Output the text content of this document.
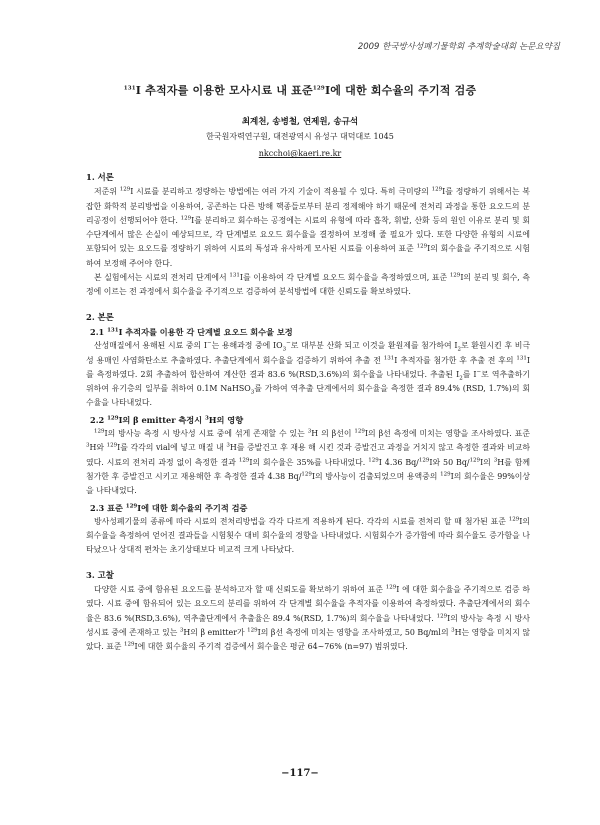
2009 한국방사성폐기물학회 추계학술대회 논문요약집
$^{131}$I 추적자를 이용한 모사시료 내 표준$^{129}$I에 대한 회수율의 주기적 검증
최계천, 송병철, 연제원, 송규석
한국원자력연구원, 대전광역시 유성구 대덕대로 1045
nkcchoi@kaeri.re.kr
1. 서론

저준위 $^{129}$I 시료를 분리하고 정량하는 방법에는 여러 가지 기술이 적용될 수 있다. 특히 극미량의 $^{129}$I를 정량하기 위해서는 복잡한 화학적 분리방법을 이용하여, 공존하는 다른 방해 핵종들로부터 분리 정제해야 하기 때문에 전처리 과정을 통한 요오드의 분리공정이 선행되어야 한다. $^{129}$I를 분리하고 회수하는 공정에는 시료의 유형에 따라 흡착, 휘발, 산화 등의 원인 이유로 분리 및 회수단계에서 많은 손실이 예상되므로, 각 단계별로 요오드 회수율을 결정하여 보정해 줄 필요가 있다. 또한 다양한 유형의 시료에 포함되어 있는 요오드를 정량하기 위하여 시료의 특성과 유사하게 모사된 시료를 이용하여 표준 $^{129}$I의 회수율을 주기적으로 시험하여 보정해 주어야 한다.

본 실험에서는 시료의 전처리 단계에서 $^{131}$I를 이용하여 각 단계별 요오드 회수율을 측정하였으며, 표준 $^{129}$I의 분리 및 회수, 측정에 이르는 전 과정에서 회수율을 주기적으로 검증하여 분석방법에 대한 신뢰도를 확보하였다.

2. 본론
2.1 $^{131}$I 추적자를 이용한 각 단계별 요오드 회수율 보정

산성매질에서 용해된 시료 중의 I−는 용해과정 중에 $IO_3^-$로 대부분 산화 되고 이것을 환원제를 첨가하여 $I_2$로 환원시킨 후 비극성 용매인 사염화탄소로 추출하였다. 추출단계에서 회수율을 검증하기 위하여 추출 전 $^{131}$I 추적자를 첨가한 후 추출 전 후의 $^{131}$I를 측정하였다. 2회 추출하여 합산하여 계산한 결과 83.6 %(RSD,3.6%)의 회수율을 나타내었다. 추출된 $I_2$를 I−로 역추출하기 위하여 유기층의 일부를 취하여 0.1M NaHSO$_3$를 가하여 역추출 단계에서의 회수율을 측정한 결과 89.4% (RSD, 1.7%)의 회수율을 나타내었다.

2.2 $^{129}$I의 β emitter 측정시 $^3$H의 영향

$^{129}$I의 방사능 측정 시 방사성 시료 중에 섞게 존재할 수 있는 $^3$H 의 β선이 $^{129}$I의 β선 측정에 미치는 영향을 조사하였다. 표준 $^3$H와 $^{129}$I를 각각의 vial에 넣고 매질 내 $^3$H를 증발건고 후 재용 해 시킨 것과 증발건고 과정을 거치지 않고 측정한 결과와 비교하였다. 시료의 전처리 과정 없이 측정한 결과 $^{129}$I의 회수율은 35%를 나타내었다. $^{129}$I 4.36 Bq/$^{129}$I와 50 Bq/$^{129}$I의 $^3$H를 함께 첨가한 후 증발건고 시키고 재용해한 후 측정한 결과 4.38 Bq/$^{129}$I의 방사능이 검출되었으며 용액중의 $^{129}$I의 회수율은 99%이상을 나타내었다.

2.3 표준 $^{129}$I에 대한 회수율의 주기적 검증

방사성폐기물의 종류에 따라 시료의 전처리방법을 각각 다르게 적용하게 된다. 각각의 시료를 전처리 할 때 첨가된 표준 $^{129}$I의 회수율을 측정하여 얻어진 결과들을 시험횟수 대비 회수율의 경향을 나타내었다. 시험회수가 증가함에 따라 회수율도 증가함을 나타났으나 상대적 편차는 초기상태보다 비교적 크게 나타났다.

3. 고찰

다양한 시료 중에 함유된 요오드를 분석하고자 할 때 신뢰도를 확보하기 위하여 표준 $^{129}$I 에 대한 회수율을 주기적으로 검증 하였다. 시료 중에 함유되어 있는 요오드의 분리를 위하여 각 단계별 회수율을 추적자를 이용하여 측정하였다. 추출단계에서의 회수율은 83.6 %(RSD,3.6%), 역추출단계에서 추출율은 89.4 %(RSD, 1.7%)의 회수율을 나타내었다. $^{129}$I의 방사능 측정 시 방사성시료 중에 존재하고 있는 $^3$H의 β emitter가 $^{129}$I의 β선 측정에 미치는 영향을 조사하였고, 50 Bq/ml의 $^3$H는 영향을 미치지 않았다. 표준 $^{129}$I에 대한 회수율의 주기적 검증에서 회수율은 평균 64~76% (n=97) 범위였다.

−117−
